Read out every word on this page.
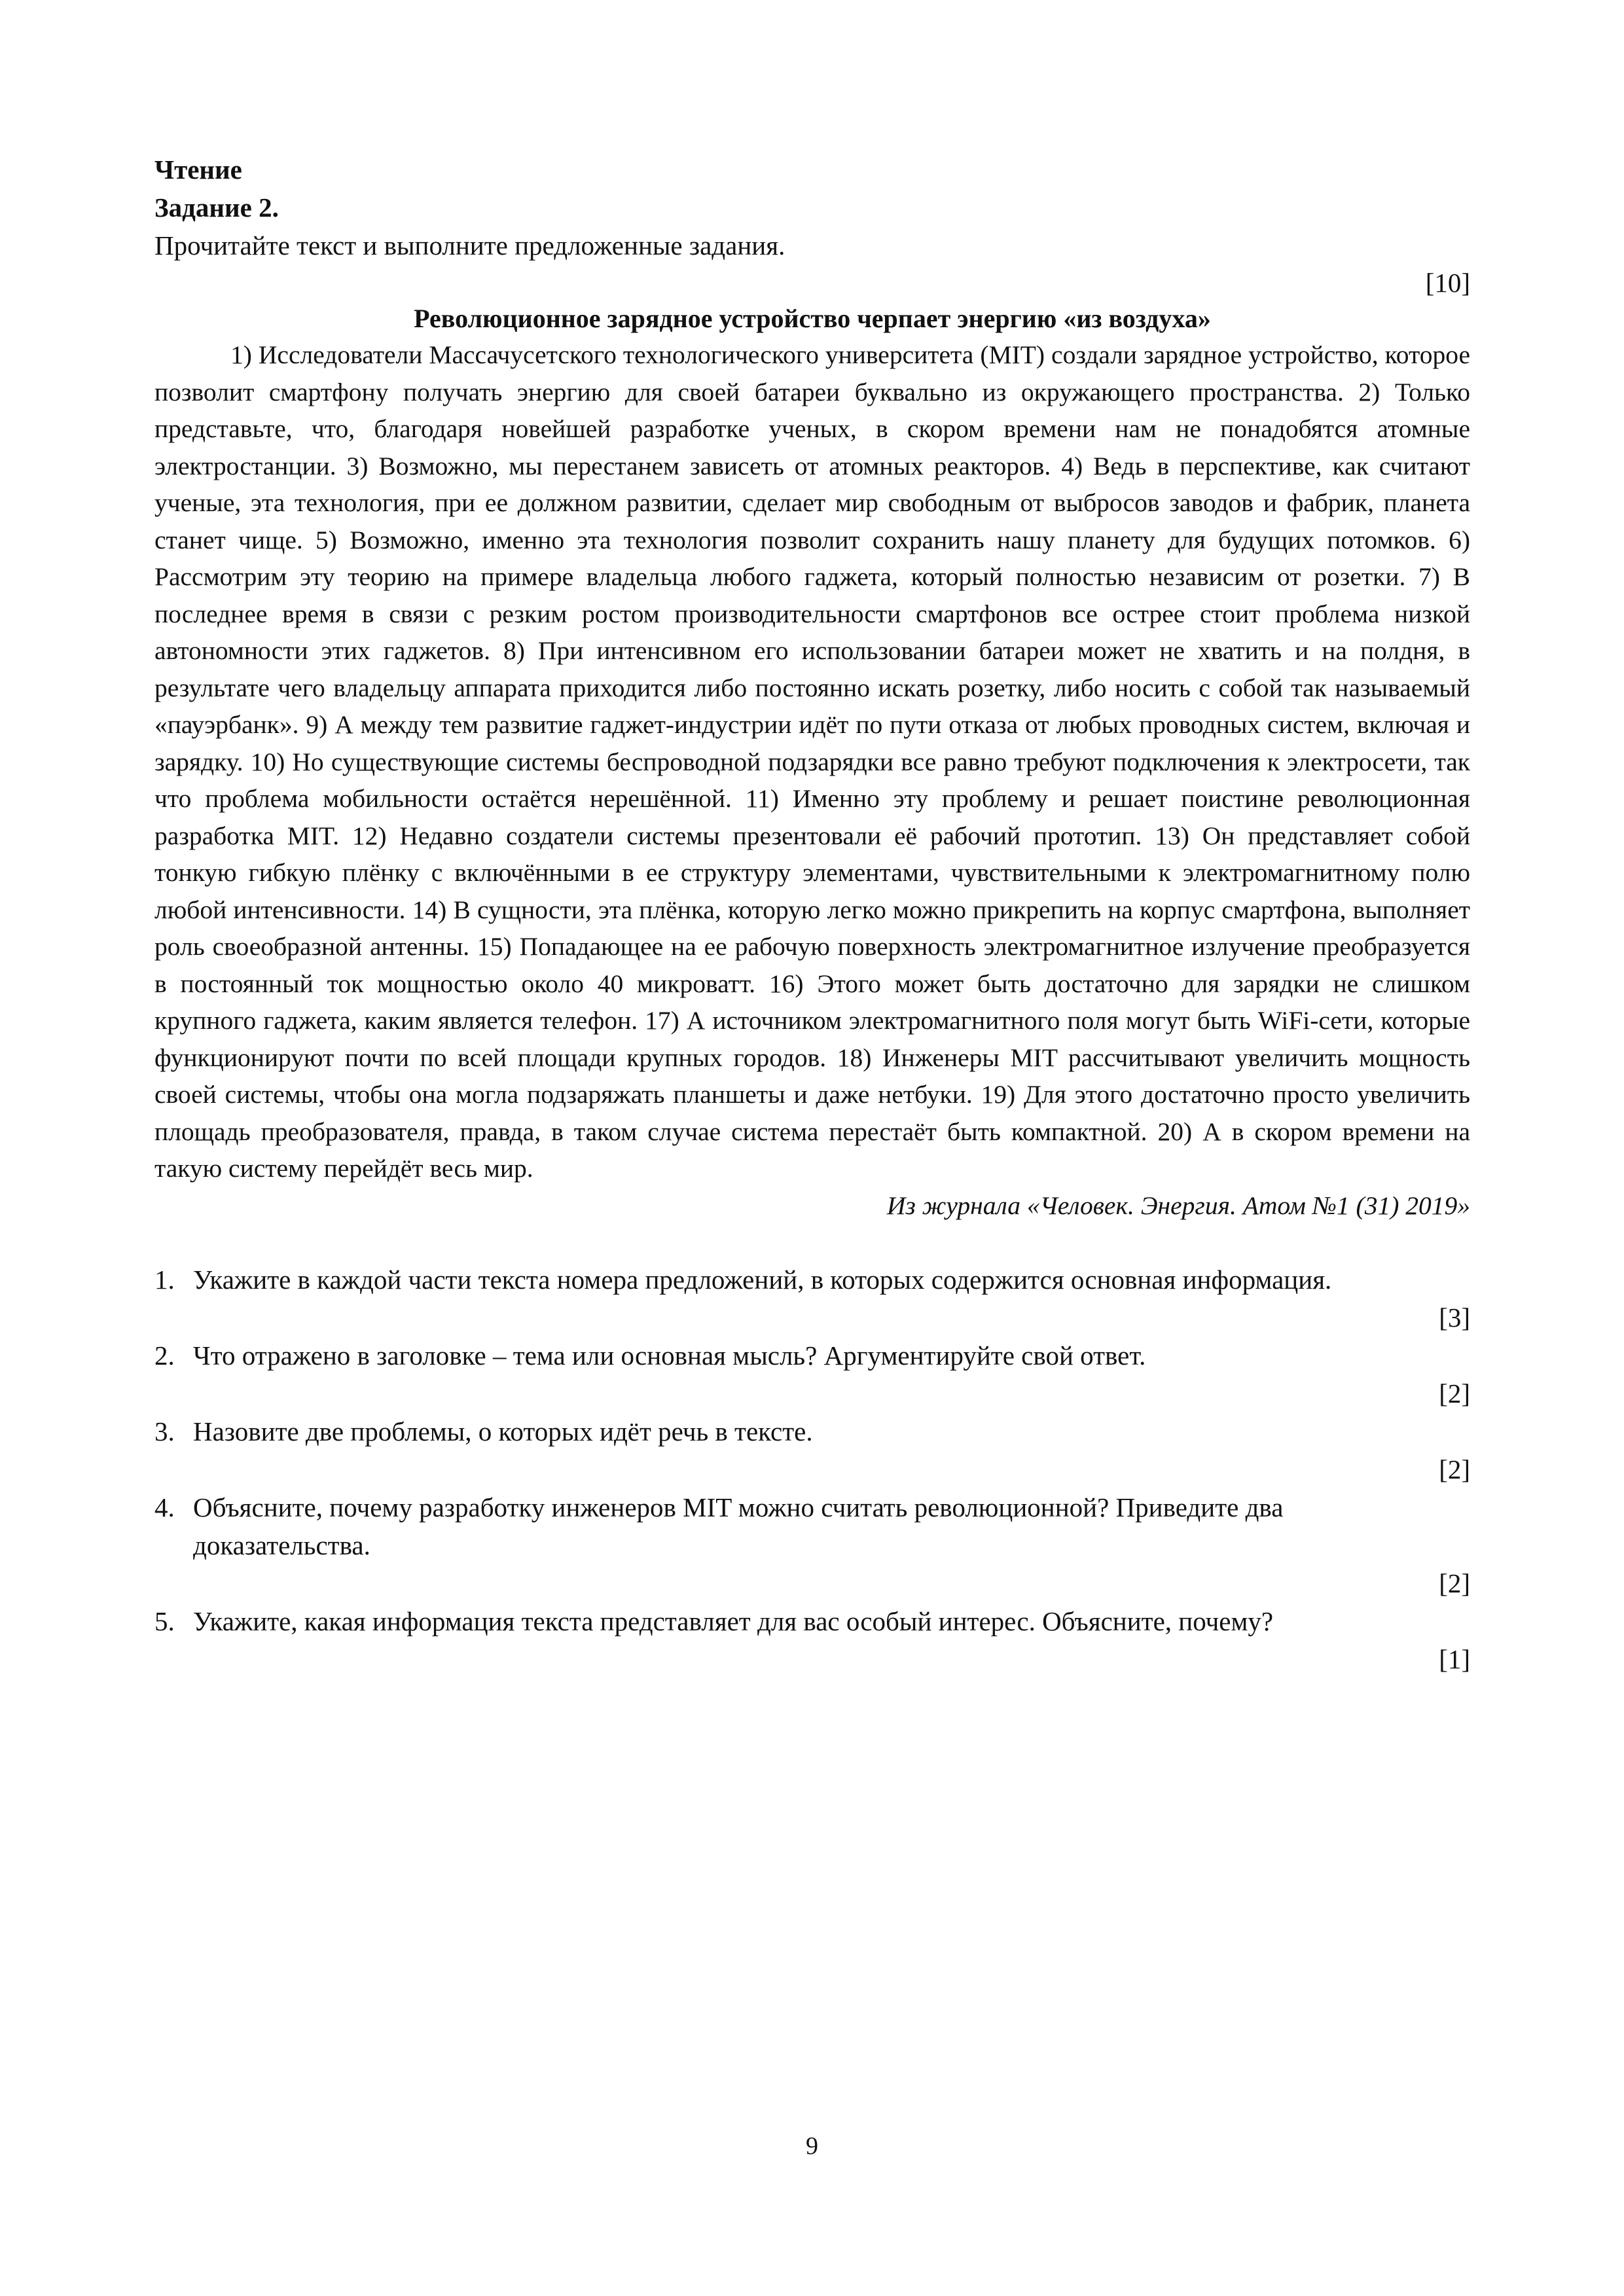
Чтение

Задание 2.

Прочитайте текст и выполните предложенные задания.

[10]

Революционное зарядное устройство черпает энергию «из воздуха»

1) Исследователи Массачусетского технологического университета (MIT) создали зарядное устройство, которое позволит смартфону получать энергию для своей батареи буквально из окружающего пространства. 2) Только представьте, что, благодаря новейшей разработке ученых, в скором времени нам не понадобятся атомные электростанции. 3) Возможно, мы перестанем зависеть от атомных реакторов. 4) Ведь в перспективе, как считают ученые, эта технология, при ее должном развитии, сделает мир свободным от выбросов заводов и фабрик, планета станет чище. 5) Возможно, именно эта технология позволит сохранить нашу планету для будущих потомков. 6) Рассмотрим эту теорию на примере владельца любого гаджета, который полностью независим от розетки. 7) В последнее время в связи с резким ростом производительности смартфонов все острее стоит проблема низкой автономности этих гаджетов. 8) При интенсивном его использовании батареи может не хватить и на полдня, в результате чего владельцу аппарата приходится либо постоянно искать розетку, либо носить с собой так называемый «пауэрбанк». 9) А между тем развитие гаджет-индустрии идёт по пути отказа от любых проводных систем, включая и зарядку. 10) Но существующие системы беспроводной подзарядки все равно требуют подключения к электросети, так что проблема мобильности остаётся нерешённой. 11) Именно эту проблему и решает поистине революционная разработка MIT. 12) Недавно создатели системы презентовали её рабочий прототип. 13) Он представляет собой тонкую гибкую плёнку с включёнными в ее структуру элементами, чувствительными к электромагнитному полю любой интенсивности. 14) В сущности, эта плёнка, которую легко можно прикрепить на корпус смартфона, выполняет роль своеобразной антенны. 15) Попадающее на ее рабочую поверхность электромагнитное излучение преобразуется в постоянный ток мощностью около 40 микроватт. 16) Этого может быть достаточно для зарядки не слишком крупного гаджета, каким является телефон. 17) А источником электромагнитного поля могут быть WiFi-сети, которые функционируют почти по всей площади крупных городов. 18) Инженеры MIT рассчитывают увеличить мощность своей системы, чтобы она могла подзаряжать планшеты и даже нетбуки. 19) Для этого достаточно просто увеличить площадь преобразователя, правда, в таком случае система перестаёт быть компактной. 20) А в скором времени на такую систему перейдёт весь мир.

Из журнала «Человек. Энергия. Атом №1 (31) 2019»

1. Укажите в каждой части текста номера предложений, в которых содержится основная информация.
[3]
2. Что отражено в заголовке – тема или основная мысль? Аргументируйте свой ответ.
[2]
3. Назовите две проблемы, о которых идёт речь в тексте.
[2]
4. Объясните, почему разработку инженеров MIT можно считать революционной? Приведите два доказательства.
[2]
5. Укажите, какая информация текста представляет для вас особый интерес. Объясните, почему?
[1]
9
